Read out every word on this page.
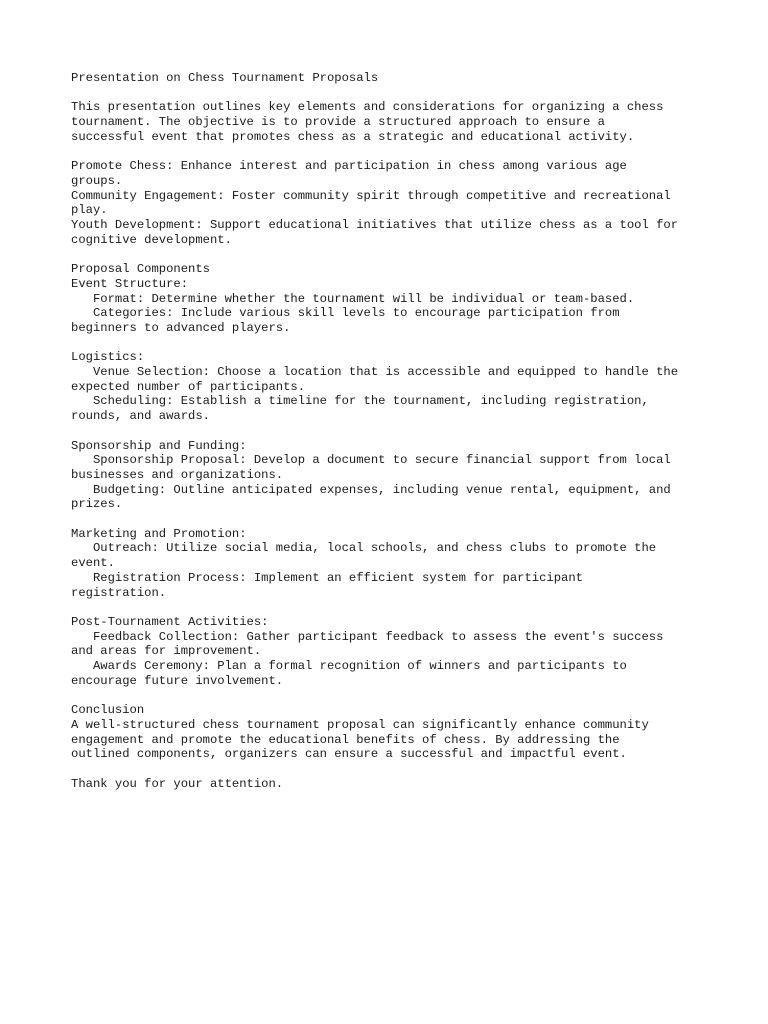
Presentation on Chess Tournament Proposals
This presentation outlines key elements and considerations for organizing a chess
tournament. The objective is to provide a structured approach to ensure a
successful event that promotes chess as a strategic and educational activity.
Promote Chess: Enhance interest and participation in chess among various age
groups.
Community Engagement: Foster community spirit through competitive and recreational
play.
Youth Development: Support educational initiatives that utilize chess as a tool for
cognitive development.
Proposal Components
Event Structure:
Format: Determine whether the tournament will be individual or team-based.
Categories: Include various skill levels to encourage participation from
beginners to advanced players.
Logistics:
Venue Selection: Choose a location that is accessible and equipped to handle the
expected number of participants.
Scheduling: Establish a timeline for the tournament, including registration,
rounds, and awards.
Sponsorship and Funding:
Sponsorship Proposal: Develop a document to secure financial support from local
businesses and organizations.
Budgeting: Outline anticipated expenses, including venue rental, equipment, and
prizes.
Marketing and Promotion:
Outreach: Utilize social media, local schools, and chess clubs to promote the
event.
Registration Process: Implement an efficient system for participant
registration.
Post-Tournament Activities:
Feedback Collection: Gather participant feedback to assess the event's success
and areas for improvement.
Awards Ceremony: Plan a formal recognition of winners and participants to
encourage future involvement.
Conclusion
A well-structured chess tournament proposal can significantly enhance community
engagement and promote the educational benefits of chess. By addressing the
outlined components, organizers can ensure a successful and impactful event.
Thank you for your attention.
